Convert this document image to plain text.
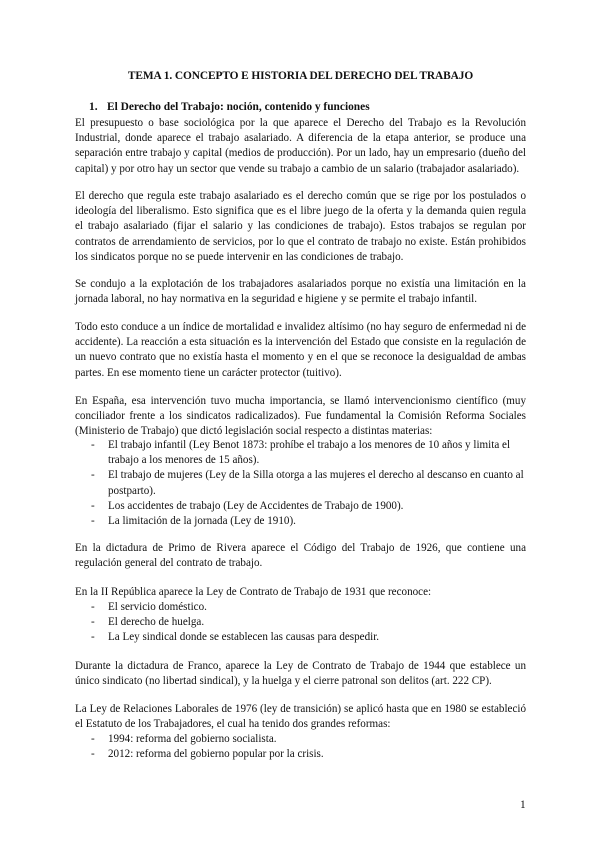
TEMA 1. CONCEPTO E HISTORIA DEL DERECHO DEL TRABAJO
1. El Derecho del Trabajo: noción, contenido y funciones

El presupuesto o base sociológica por la que aparece el Derecho del Trabajo es la Revolución Industrial, donde aparece el trabajo asalariado. A diferencia de la etapa anterior, se produce una separación entre trabajo y capital (medios de producción). Por un lado, hay un empresario (dueño del capital) y por otro hay un sector que vende su trabajo a cambio de un salario (trabajador asalariado).

El derecho que regula este trabajo asalariado es el derecho común que se rige por los postulados o ideología del liberalismo. Esto significa que es el libre juego de la oferta y la demanda quien regula el trabajo asalariado (fijar el salario y las condiciones de trabajo). Estos trabajos se regulan por contratos de arrendamiento de servicios, por lo que el contrato de trabajo no existe. Están prohibidos los sindicatos porque no se puede intervenir en las condiciones de trabajo.

Se condujo a la explotación de los trabajadores asalariados porque no existía una limitación en la jornada laboral, no hay normativa en la seguridad e higiene y se permite el trabajo infantil.

Todo esto conduce a un índice de mortalidad e invalidez altísimo (no hay seguro de enfermedad ni de accidente). La reacción a esta situación es la intervención del Estado que consiste en la regulación de un nuevo contrato que no existía hasta el momento y en el que se reconoce la desigualdad de ambas partes. En ese momento tiene un carácter protector (tuitivo).

En España, esa intervención tuvo mucha importancia, se llamó intervencionismo científico (muy conciliador frente a los sindicatos radicalizados). Fue fundamental la Comisión Reforma Sociales (Ministerio de Trabajo) que dictó legislación social respecto a distintas materias:

- El trabajo infantil (Ley Benot 1873: prohíbe el trabajo a los menores de 10 años y limita el trabajo a los menores de 15 años).
- El trabajo de mujeres (Ley de la Silla otorga a las mujeres el derecho al descanso en cuanto al postparto).
- Los accidentes de trabajo (Ley de Accidentes de Trabajo de 1900).
- La limitación de la jornada (Ley de 1910).

En la dictadura de Primo de Rivera aparece el Código del Trabajo de 1926, que contiene una regulación general del contrato de trabajo.

En la II República aparece la Ley de Contrato de Trabajo de 1931 que reconoce:

- El servicio doméstico.
- El derecho de huelga.
- La Ley sindical donde se establecen las causas para despedir.

Durante la dictadura de Franco, aparece la Ley de Contrato de Trabajo de 1944 que establece un único sindicato (no libertad sindical), y la huelga y el cierre patronal son delitos (art. 222 CP).

La Ley de Relaciones Laborales de 1976 (ley de transición) se aplicó hasta que en 1980 se estableció el Estatuto de los Trabajadores, el cual ha tenido dos grandes reformas:

- 1994: reforma del gobierno socialista.
- 2012: reforma del gobierno popular por la crisis.
1
